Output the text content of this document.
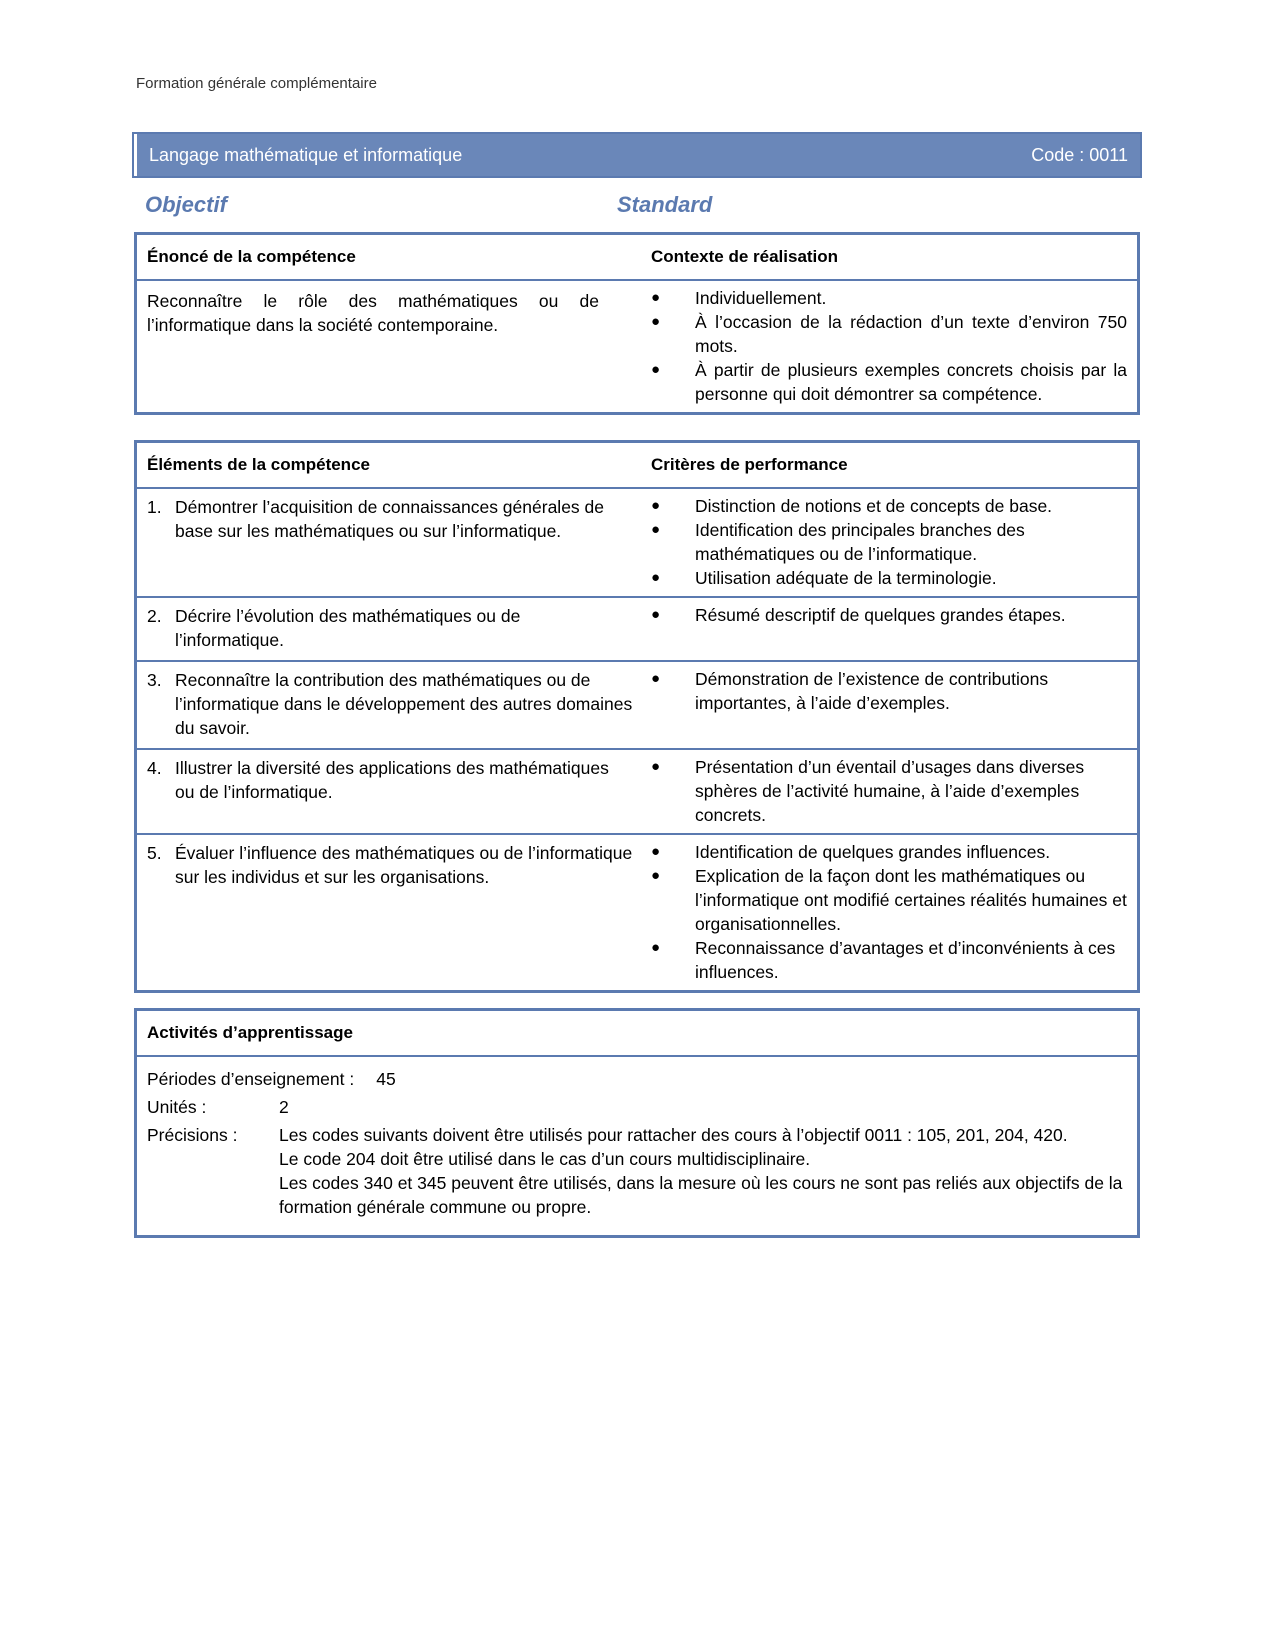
Formation générale complémentaire
Langage mathématique et informatique	Code : 0011
Objectif	Standard
Énoncé de la compétence	Contexte de réalisation
Reconnaître le rôle des mathématiques ou de l’informatique dans la société contemporaine.
● Individuellement.
● À l’occasion de la rédaction d’un texte d’environ 750 mots.
● À partir de plusieurs exemples concrets choisis par la personne qui doit démontrer sa compétence.
Éléments de la compétence	Critères de performance
1. Démontrer l’acquisition de connaissances générales de base sur les mathématiques ou sur l’informatique.
● Distinction de notions et de concepts de base.
● Identification des principales branches des mathématiques ou de l’informatique.
● Utilisation adéquate de la terminologie.
2. Décrire l’évolution des mathématiques ou de l’informatique.
● Résumé descriptif de quelques grandes étapes.
3. Reconnaître la contribution des mathématiques ou de l’informatique dans le développement des autres domaines du savoir.
● Démonstration de l’existence de contributions importantes, à l’aide d’exemples.
4. Illustrer la diversité des applications des mathématiques ou de l’informatique.
● Présentation d’un éventail d’usages dans diverses sphères de l’activité humaine, à l’aide d’exemples concrets.
5. Évaluer l’influence des mathématiques ou de l’informatique sur les individus et sur les organisations.
● Identification de quelques grandes influences.
● Explication de la façon dont les mathématiques ou l’informatique ont modifié certaines réalités humaines et organisationnelles.
● Reconnaissance d’avantages et d’inconvénients à ces influences.
Activités d’apprentissage
Périodes d’enseignement : 45
Unités :	2
Précisions :	Les codes suivants doivent être utilisés pour rattacher des cours à l’objectif 0011 : 105, 201, 204, 420.
Le code 204 doit être utilisé dans le cas d’un cours multidisciplinaire.
Les codes 340 et 345 peuvent être utilisés, dans la mesure où les cours ne sont pas reliés aux objectifs de la formation générale commune ou propre.
